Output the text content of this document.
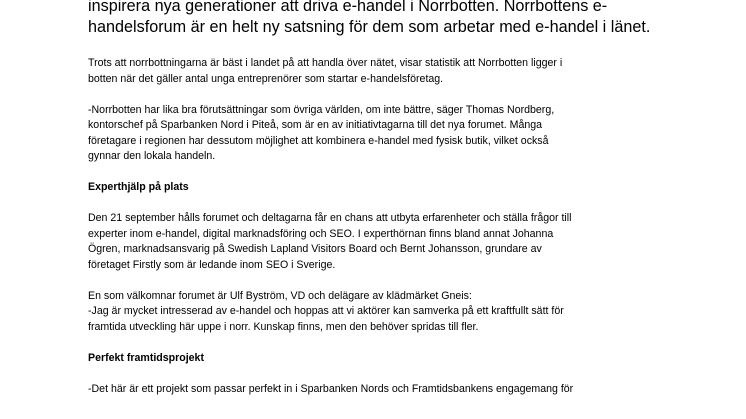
inspirera nya generationer att driva e-handel i Norrbotten. Norrbottens e-
handelsforum är en helt ny satsning för dem som arbetar med e-handel i länet.
Trots att norrbottningarna är bäst i landet på att handla över nätet, visar statistik att Norrbotten ligger i
botten när det gäller antal unga entreprenörer som startar e-handelsföretag.
-Norrbotten har lika bra förutsättningar som övriga världen, om inte bättre, säger Thomas Nordberg,
kontorschef på Sparbanken Nord i Piteå, som är en av initiativtagarna till det nya forumet. Många
företagare i regionen har dessutom möjlighet att kombinera e-handel med fysisk butik, vilket också
gynnar den lokala handeln.
Experthjälp på plats
Den 21 september hålls forumet och deltagarna får en chans att utbyta erfarenheter och ställa frågor till
experter inom e-handel, digital marknadsföring och SEO. I experthörnan finns bland annat Johanna
Ögren, marknadsansvarig på Swedish Lapland Visitors Board och Bernt Johansson, grundare av
företaget Firstly som är ledande inom SEO i Sverige.
En som välkomnar forumet är Ulf Byström, VD och delägare av klädmärket Gneis:
-Jag är mycket intresserad av e-handel och hoppas att vi aktörer kan samverka på ett kraftfullt sätt för
framtida utveckling här uppe i norr. Kunskap finns, men den behöver spridas till fler.
Perfekt framtidsprojekt
-Det här är ett projekt som passar perfekt in i Sparbanken Nords och Framtidsbankens engagemang för
